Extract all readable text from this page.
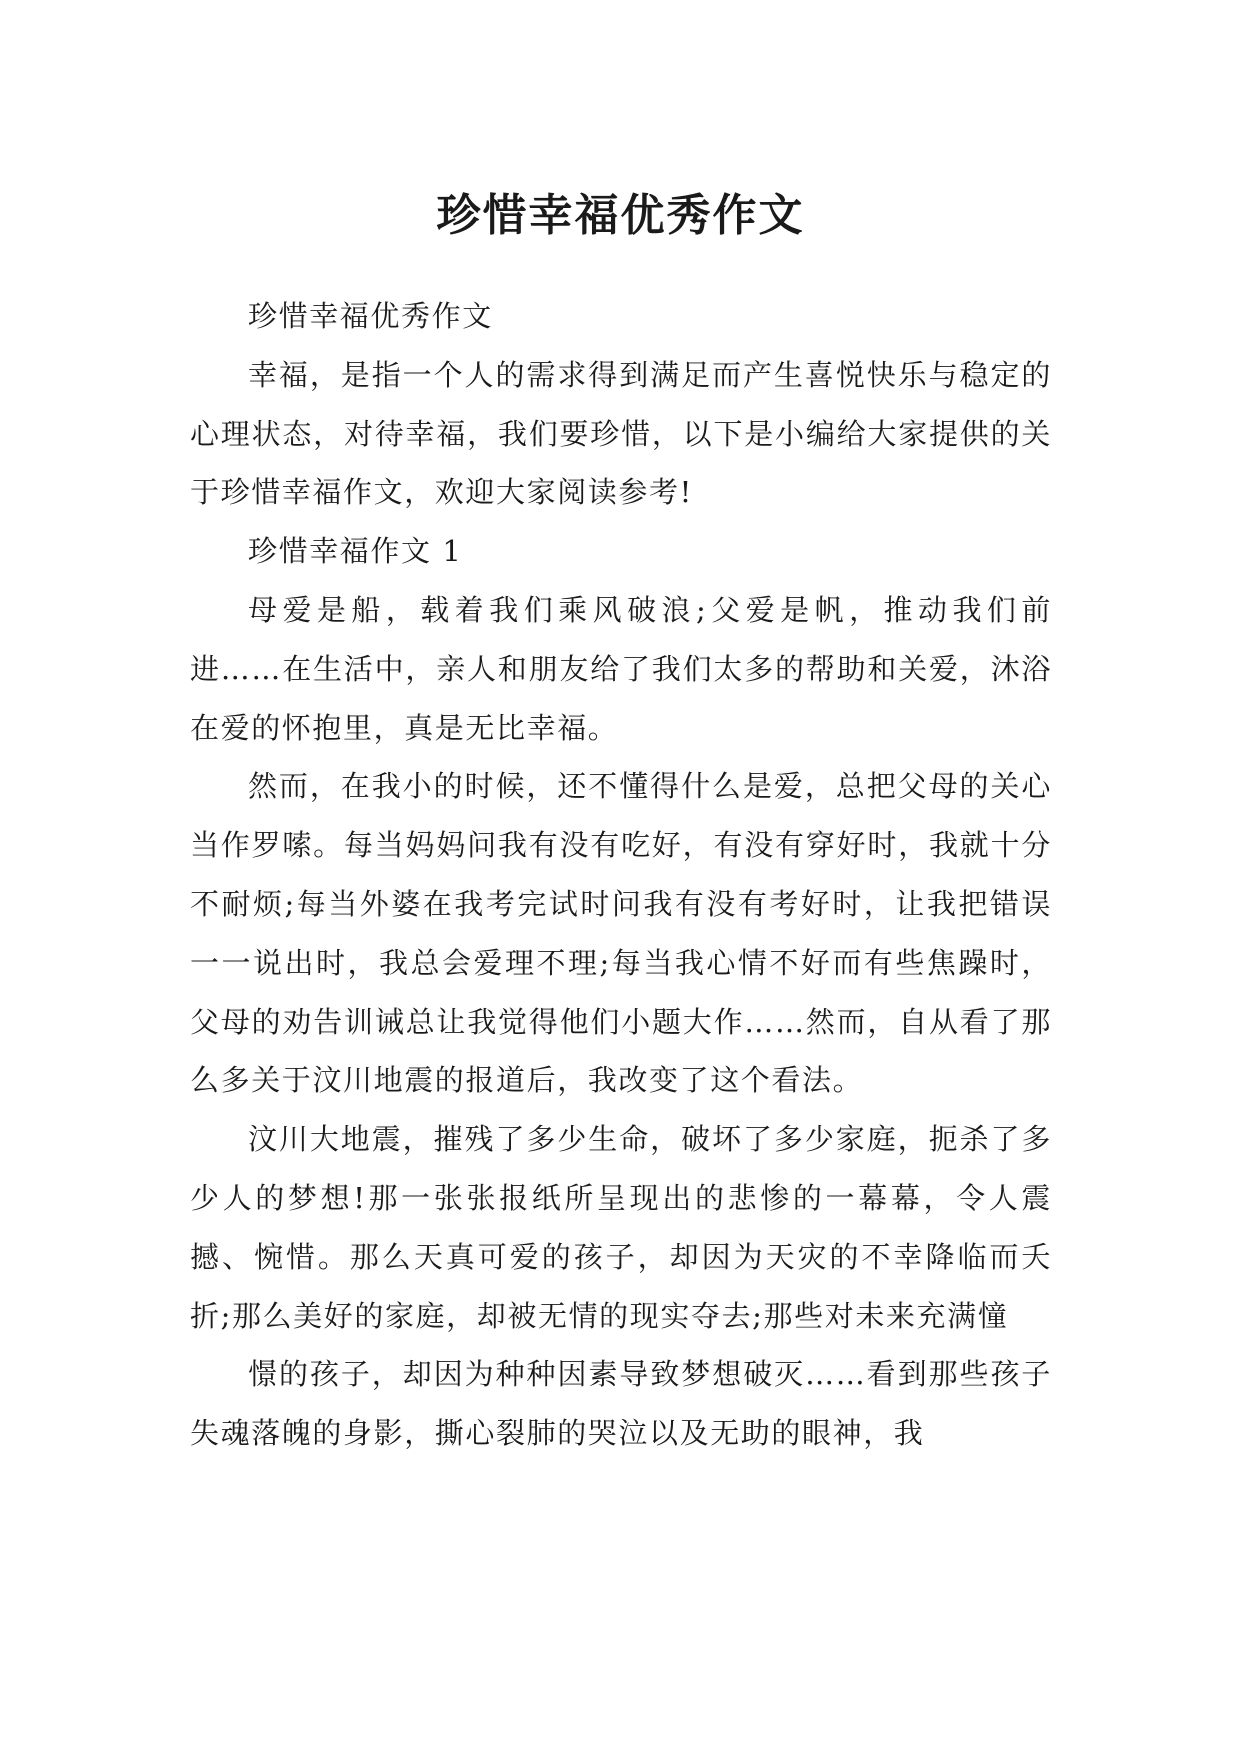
珍惜幸福优秀作文

珍惜幸福优秀作文

幸福，是指一个人的需求得到满足而产生喜悦快乐与稳定的心理状态，对待幸福，我们要珍惜，以下是小编给大家提供的关于珍惜幸福作文，欢迎大家阅读参考!

珍惜幸福作文 1

母爱是船，载着我们乘风破浪;父爱是帆，推动我们前进……在生活中，亲人和朋友给了我们太多的帮助和关爱，沐浴在爱的怀抱里，真是无比幸福。

然而，在我小的时候，还不懂得什么是爱，总把父母的关心当作罗嗦。每当妈妈问我有没有吃好，有没有穿好时，我就十分不耐烦;每当外婆在我考完试时问我有没有考好时，让我把错误一一说出时，我总会爱理不理;每当我心情不好而有些焦躁时，父母的劝告训诫总让我觉得他们小题大作……然而，自从看了那么多关于汶川地震的报道后，我改变了这个看法。

汶川大地震，摧残了多少生命，破坏了多少家庭，扼杀了多少人的梦想!那一张张报纸所呈现出的悲惨的一幕幕，令人震撼、惋惜。那么天真可爱的孩子，却因为天灾的不幸降临而夭折;那么美好的家庭，却被无情的现实夺去;那些对未来充满憧

憬的孩子，却因为种种因素导致梦想破灭……看到那些孩子失魂落魄的身影，撕心裂肺的哭泣以及无助的眼神，我
